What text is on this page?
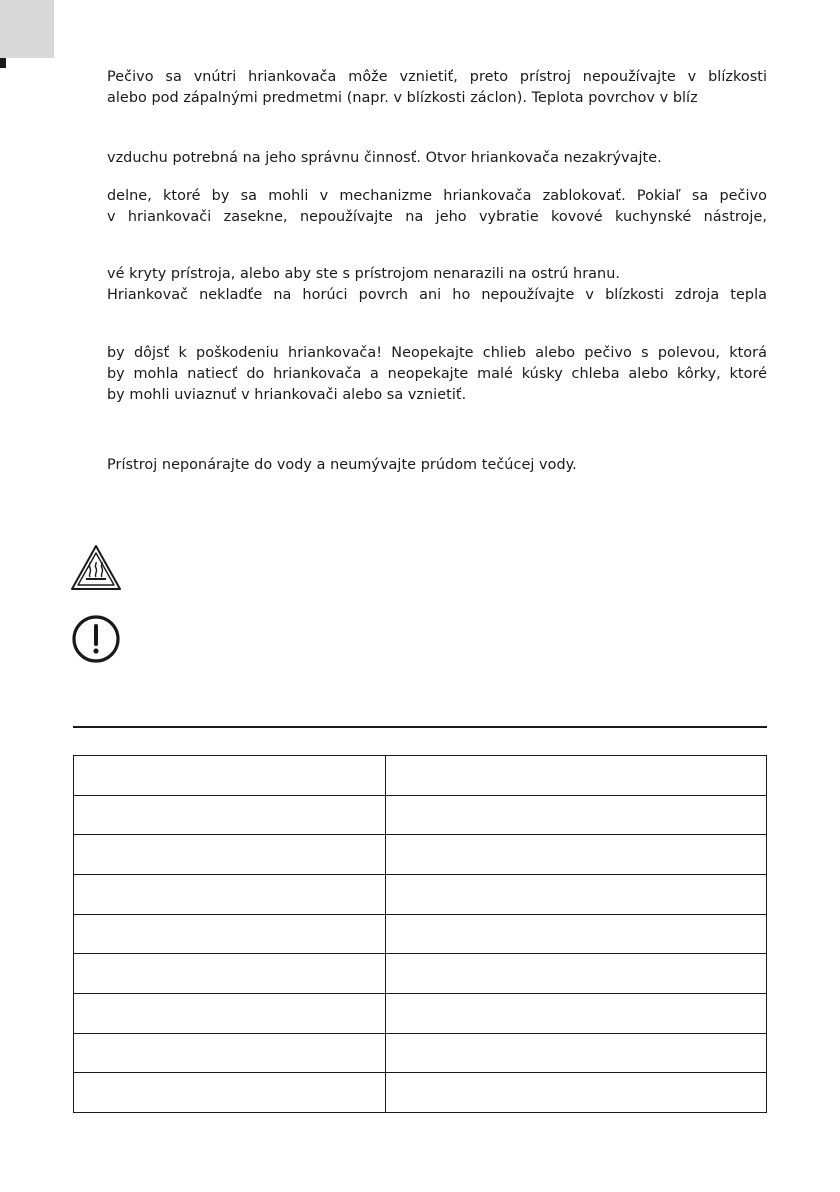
Pečivo sa vnútri hriankovača môže vznietiť, preto prístroj nepoužívajte v blízkosti
alebo pod zápalnými predmetmi (napr. v blízkosti záclon). Teplota povrchov v blíz

vzduchu potrebná na jeho správnu činnosť. Otvor hriankovača nezakrývajte.

delne, ktoré by sa mohli v mechanizme hriankovača zablokovať. Pokiaľ sa pečivo
v hriankovači zasekne, nepoužívajte na jeho vybratie kovové kuchynské nástroje,

vé kryty prístroja, alebo aby ste s prístrojom nenarazili na ostrú hranu.
Hriankovač nekladťe na horúci povrch ani ho nepoužívajte v blízkosti zdroja tepla

by dôjsť k poškodeniu hriankovača! Neopekajte chlieb alebo pečivo s polevou, ktorá
by mohla natiecť do hriankovača a neopekajte malé kúsky chleba alebo kôrky, ktoré
by mohli uviaznuť v hriankovači alebo sa vznietiť.

Prístroj neponárajte do vody a neumývajte prúdom tečúcej vody.
